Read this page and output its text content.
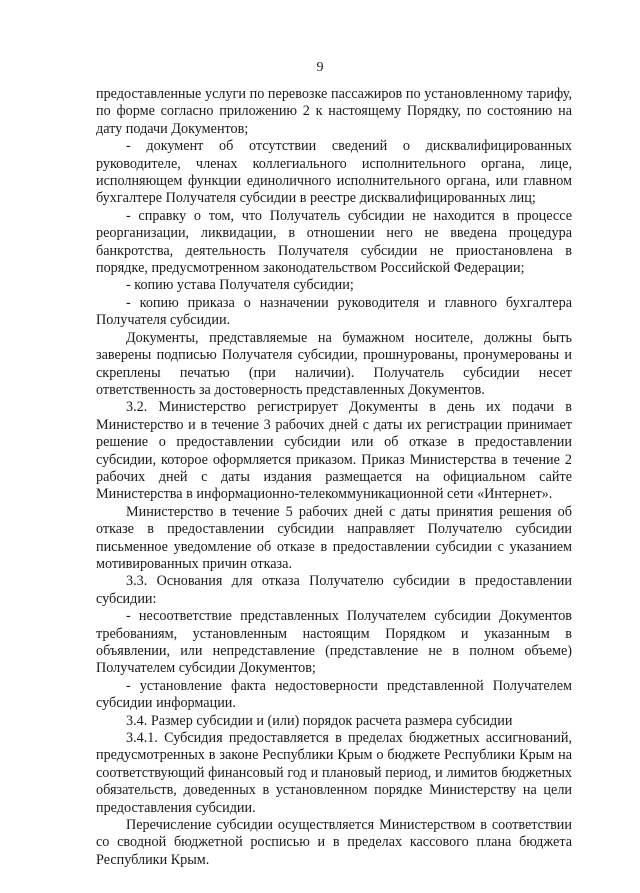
9

предоставленные услуги по перевозке пассажиров по установленному тарифу, по форме согласно приложению 2 к настоящему Порядку, по состоянию на дату подачи Документов;

- документ об отсутствии сведений о дисквалифицированных руководителе, членах коллегиального исполнительного органа, лице, исполняющем функции единоличного исполнительного органа, или главном бухгалтере Получателя субсидии в реестре дисквалифицированных лиц;

- справку о том, что Получатель субсидии не находится в процессе реорганизации, ликвидации, в отношении него не введена процедура банкротства, деятельность Получателя субсидии не приостановлена в порядке, предусмотренном законодательством Российской Федерации;

- копию устава Получателя субсидии;

- копию приказа о назначении руководителя и главного бухгалтера Получателя субсидии.

Документы, представляемые на бумажном носителе, должны быть заверены подписью Получателя субсидии, прошнурованы, пронумерованы и скреплены печатью (при наличии). Получатель субсидии несет ответственность за достоверность представленных Документов.

3.2. Министерство регистрирует Документы в день их подачи в Министерство и в течение 3 рабочих дней с даты их регистрации принимает решение о предоставлении субсидии или об отказе в предоставлении субсидии, которое оформляется приказом. Приказ Министерства в течение 2 рабочих дней с даты издания размещается на официальном сайте Министерства в информационно-телекоммуникационной сети «Интернет».

Министерство в течение 5 рабочих дней с даты принятия решения об отказе в предоставлении субсидии направляет Получателю субсидии письменное уведомление об отказе в предоставлении субсидии с указанием мотивированных причин отказа.

3.3. Основания для отказа Получателю субсидии в предоставлении субсидии:

- несоответствие представленных Получателем субсидии Документов требованиям, установленным настоящим Порядком и указанным в объявлении, или непредставление (представление не в полном объеме) Получателем субсидии Документов;

- установление факта недостоверности представленной Получателем субсидии информации.

3.4. Размер субсидии и (или) порядок расчета размера субсидии

3.4.1. Субсидия предоставляется в пределах бюджетных ассигнований, предусмотренных в законе Республики Крым о бюджете Республики Крым на соответствующий финансовый год и плановый период, и лимитов бюджетных обязательств, доведенных в установленном порядке Министерству на цели предоставления субсидии.

Перечисление субсидии осуществляется Министерством в соответствии со сводной бюджетной росписью и в пределах кассового плана бюджета Республики Крым.
